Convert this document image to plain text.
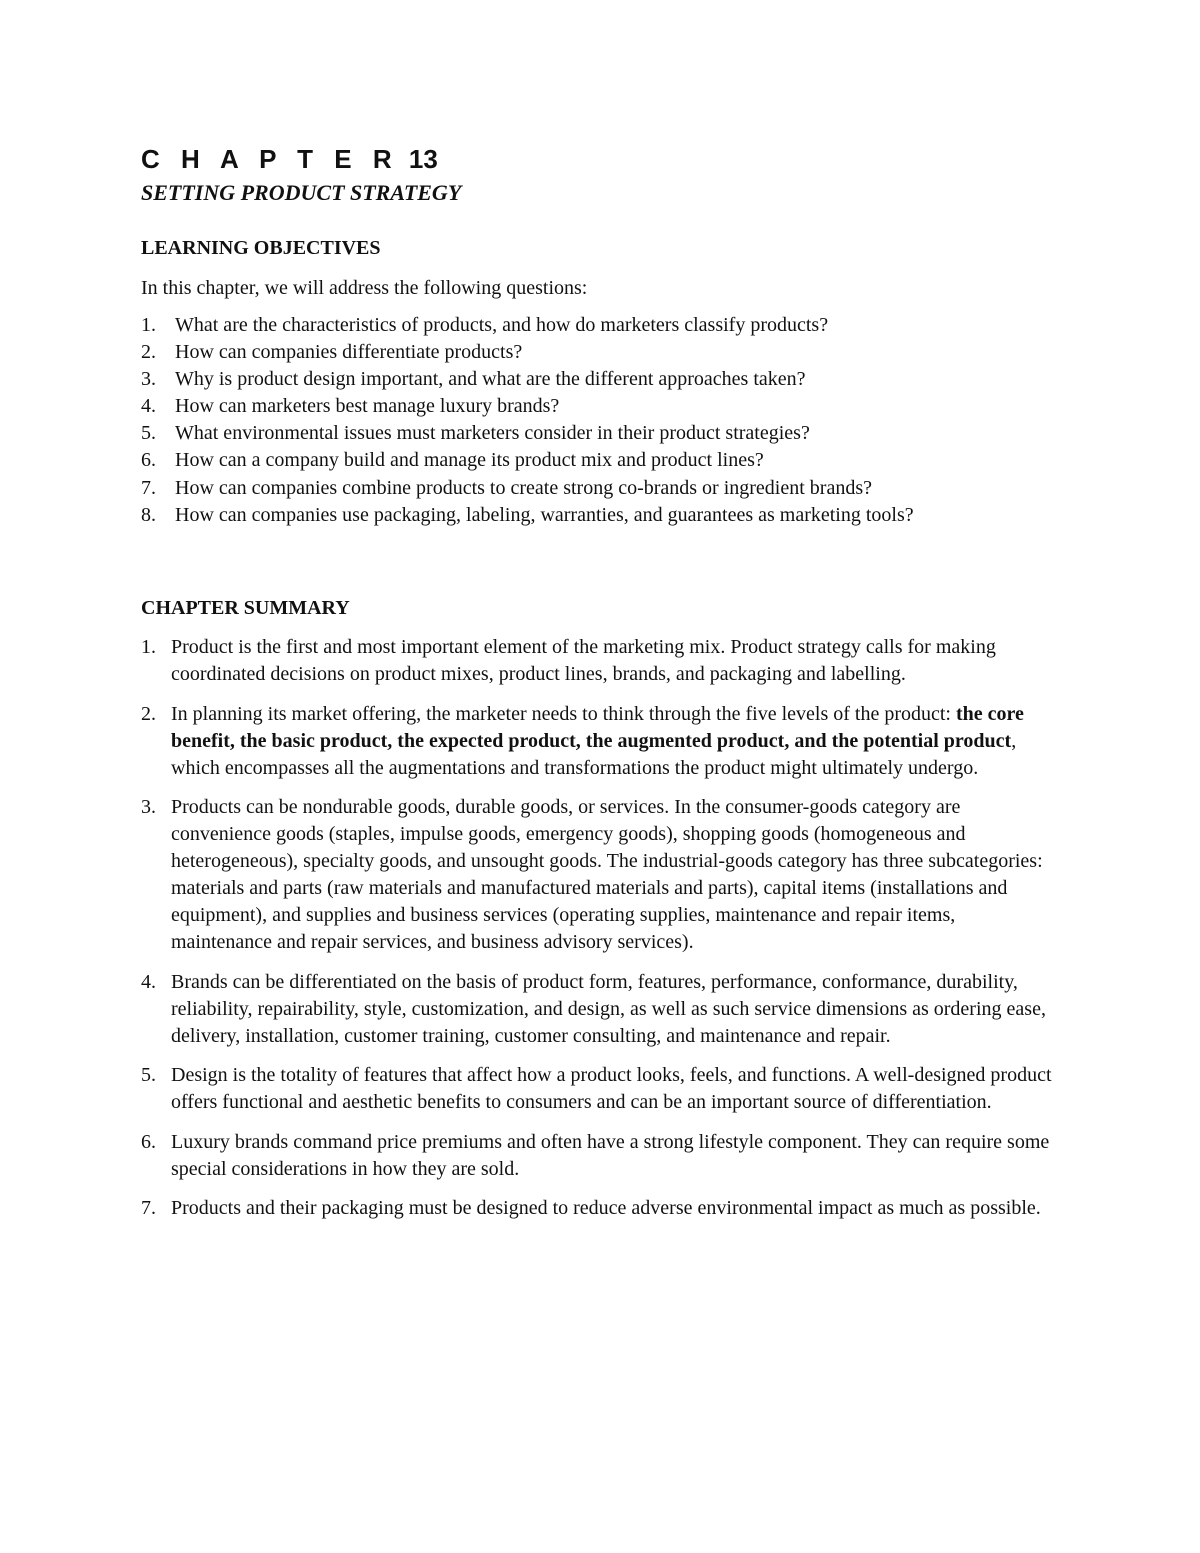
C H A P T E R 13
SETTING PRODUCT STRATEGY
LEARNING OBJECTIVES
In this chapter, we will address the following questions:
1. What are the characteristics of products, and how do marketers classify products?
2. How can companies differentiate products?
3. Why is product design important, and what are the different approaches taken?
4. How can marketers best manage luxury brands?
5. What environmental issues must marketers consider in their product strategies?
6. How can a company build and manage its product mix and product lines?
7. How can companies combine products to create strong co-brands or ingredient brands?
8. How can companies use packaging, labeling, warranties, and guarantees as marketing tools?
CHAPTER SUMMARY
1. Product is the first and most important element of the marketing mix. Product strategy calls for making coordinated decisions on product mixes, product lines, brands, and packaging and labelling.
2. In planning its market offering, the marketer needs to think through the five levels of the product: the core benefit, the basic product, the expected product, the augmented product, and the potential product, which encompasses all the augmentations and transformations the product might ultimately undergo.
3. Products can be nondurable goods, durable goods, or services. In the consumer-goods category are convenience goods (staples, impulse goods, emergency goods), shopping goods (homogeneous and heterogeneous), specialty goods, and unsought goods. The industrial-goods category has three subcategories: materials and parts (raw materials and manufactured materials and parts), capital items (installations and equipment), and supplies and business services (operating supplies, maintenance and repair items, maintenance and repair services, and business advisory services).
4. Brands can be differentiated on the basis of product form, features, performance, conformance, durability, reliability, repairability, style, customization, and design, as well as such service dimensions as ordering ease, delivery, installation, customer training, customer consulting, and maintenance and repair.
5. Design is the totality of features that affect how a product looks, feels, and functions. A well-designed product offers functional and aesthetic benefits to consumers and can be an important source of differentiation.
6. Luxury brands command price premiums and often have a strong lifestyle component. They can require some special considerations in how they are sold.
7. Products and their packaging must be designed to reduce adverse environmental impact as much as possible.
